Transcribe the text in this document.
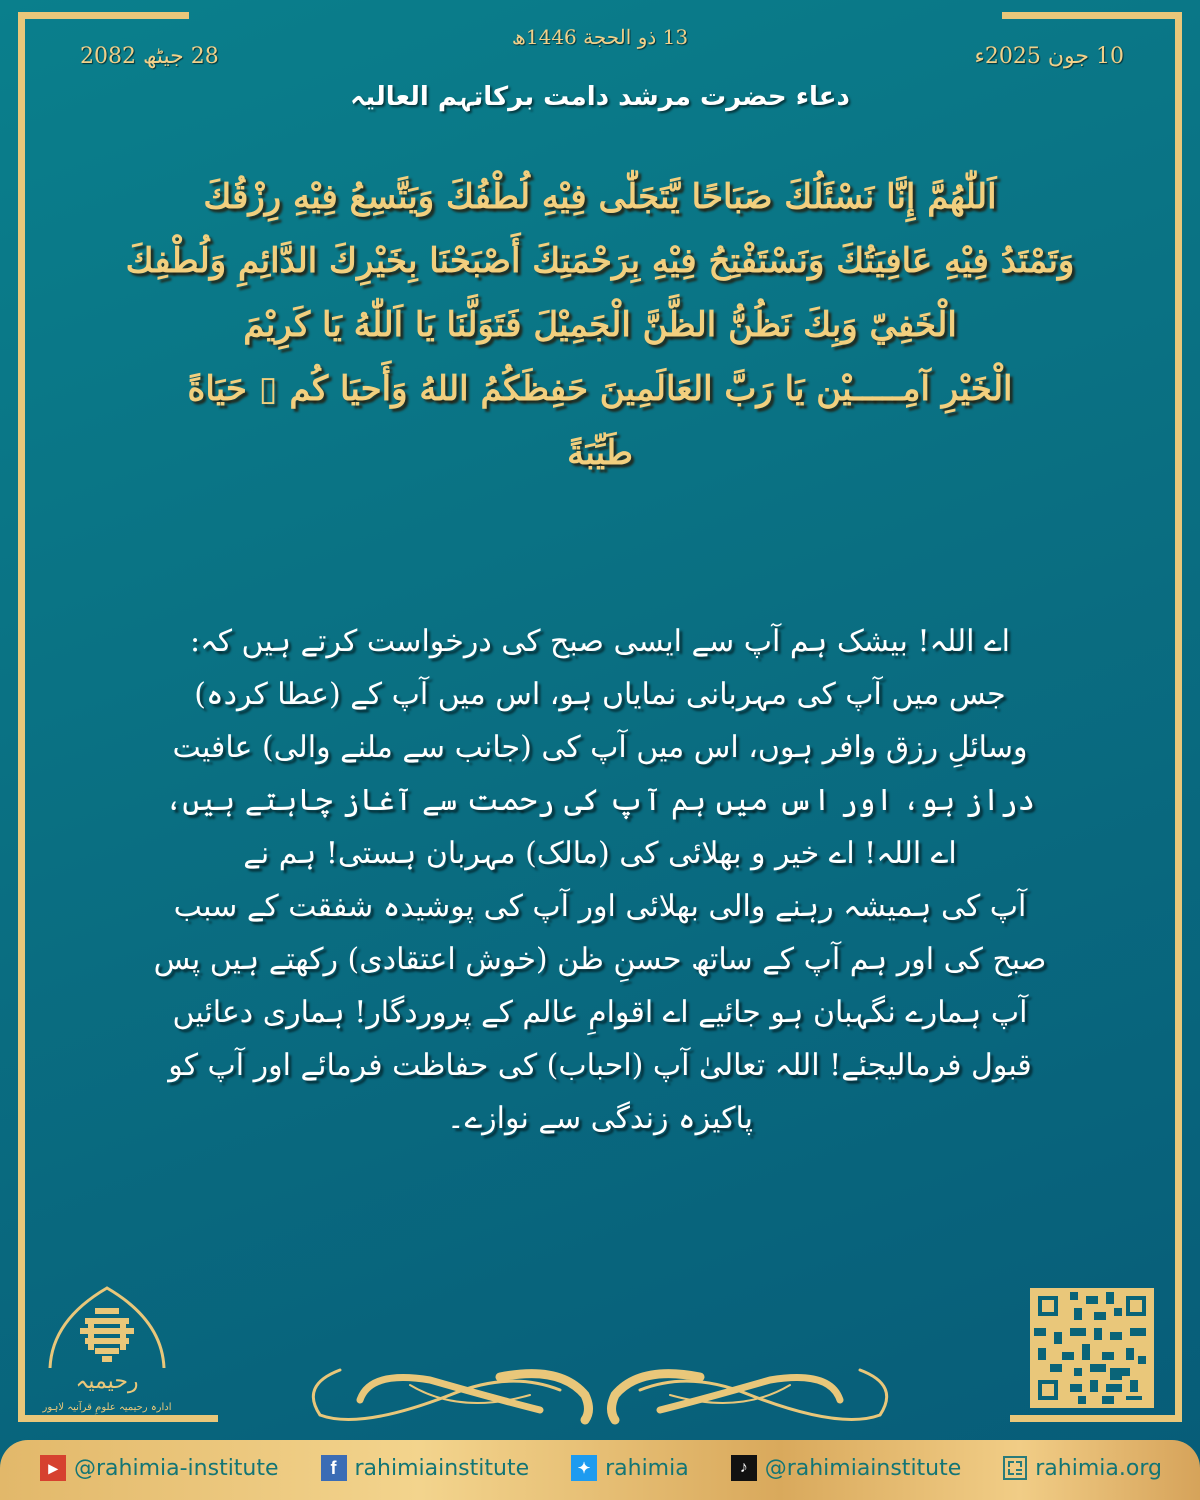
13 ذو الحجة 1446ھ
10 جون 2025ء
28 جیٹھ 2082
دعاء حضرت مرشد دامت برکاتہم العالیہ
اَللّٰهُمَّ إِنَّا نَسْئَلُكَ صَبَاحًا يَّتَجَلّٰى فِيْهِ لُطْفُكَ وَيَتَّسِعُ فِيْهِ رِزْقُكَ
وَتَمْتَدُ فِيْهِ عَافِيَتُكَ وَنَسْتَفْتِحُ فِيْهِ بِرَحْمَتِكَ أَصْبَحْنَا بِخَيْرِكَ الدَّائِمِ وَلُطْفِكَ
الْخَفِيّ وَبِكَ نَظُنُّ الظَّنَّ الْجَمِيْلَ فَتَوَلَّنَا يَا اَللّٰهُ يَا كَرِيْمَ
الْخَيْرِ آمِـــــيْن يَا رَبَّ العَالَمِينَ حَفِظَكُمُ اللهُ وَأَحيَا كُم ▯ حَيَاةً
طَيِّبَةً
اے اللہ! بیشک ہم آپ سے ایسی صبح کی درخواست کرتے ہیں کہ:
جس میں آپ کی مہربانی نمایاں ہو، اس میں آپ کے (عطا کردہ)
وسائلِ رزق وافر ہوں، اس میں آپ کی (جانب سے ملنے والی) عافیت
دراز ہو، اور اس میں ہم آپ کی رحمت سے آغاز چاہتے ہیں،
اے اللہ! اے خیر و بھلائی کی (مالک) مہربان ہستی! ہم نے
آپ کی ہمیشہ رہنے والی بھلائی اور آپ کی پوشیدہ شفقت کے سبب
صبح کی اور ہم آپ کے ساتھ حسنِ ظن (خوش اعتقادی) رکھتے ہیں پس
آپ ہمارے نگہبان ہو جائیے اے اقوامِ عالم کے پروردگار! ہماری دعائیں
قبول فرمالیجئے! اللہ تعالیٰ آپ (احباب) کی حفاظت فرمائے اور آپ کو
پاکیزہ زندگی سے نوازے۔
رحیمیہ
ادارہ رحیمیہ علومِ قرآنیہ لاہور
▸ @rahimia-institute	f rahimiainstitute	✦ rahimia	♪ @rahimiainstitute	rahimia.org
